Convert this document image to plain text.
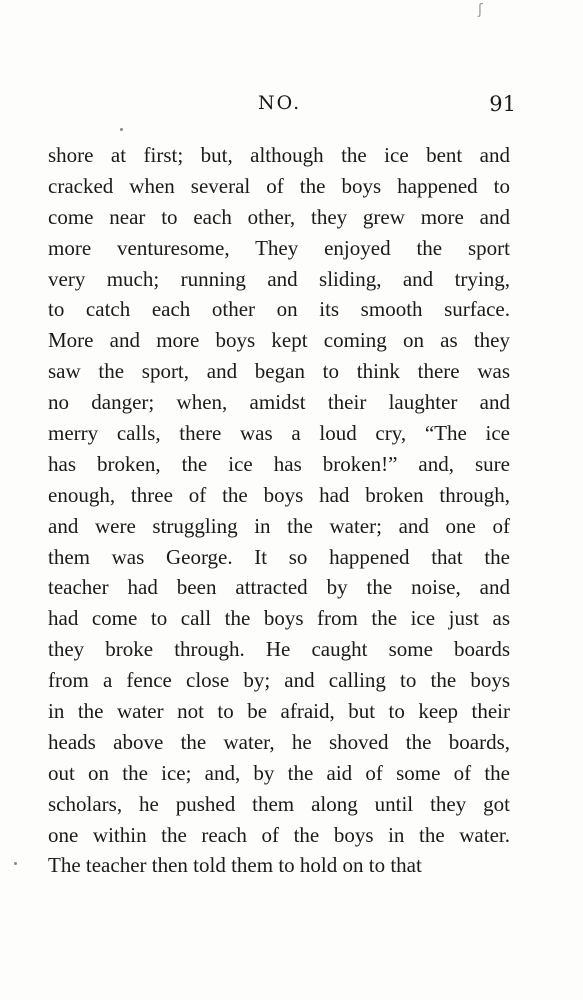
ʃ
NO.	91
shore at first; but, although the ice bent and
cracked when several of the boys happened to
come near to each other, they grew more and
more venturesome, They enjoyed the sport
very much; running and sliding, and trying,
to catch each other on its smooth surface.
More and more boys kept coming on as they
saw the sport, and began to think there was
no danger; when, amidst their laughter and
merry calls, there was a loud cry, “The ice
has broken, the ice has broken!” and, sure
enough, three of the boys had broken through,
and were struggling in the water; and one of
them was George. It so happened that the
teacher had been attracted by the noise, and
had come to call the boys from the ice just as
they broke through. He caught some boards
from a fence close by; and calling to the boys
in the water not to be afraid, but to keep their
heads above the water, he shoved the boards,
out on the ice; and, by the aid of some of the
scholars, he pushed them along until they got
one within the reach of the boys in the water.
The teacher then told them to hold on to that
